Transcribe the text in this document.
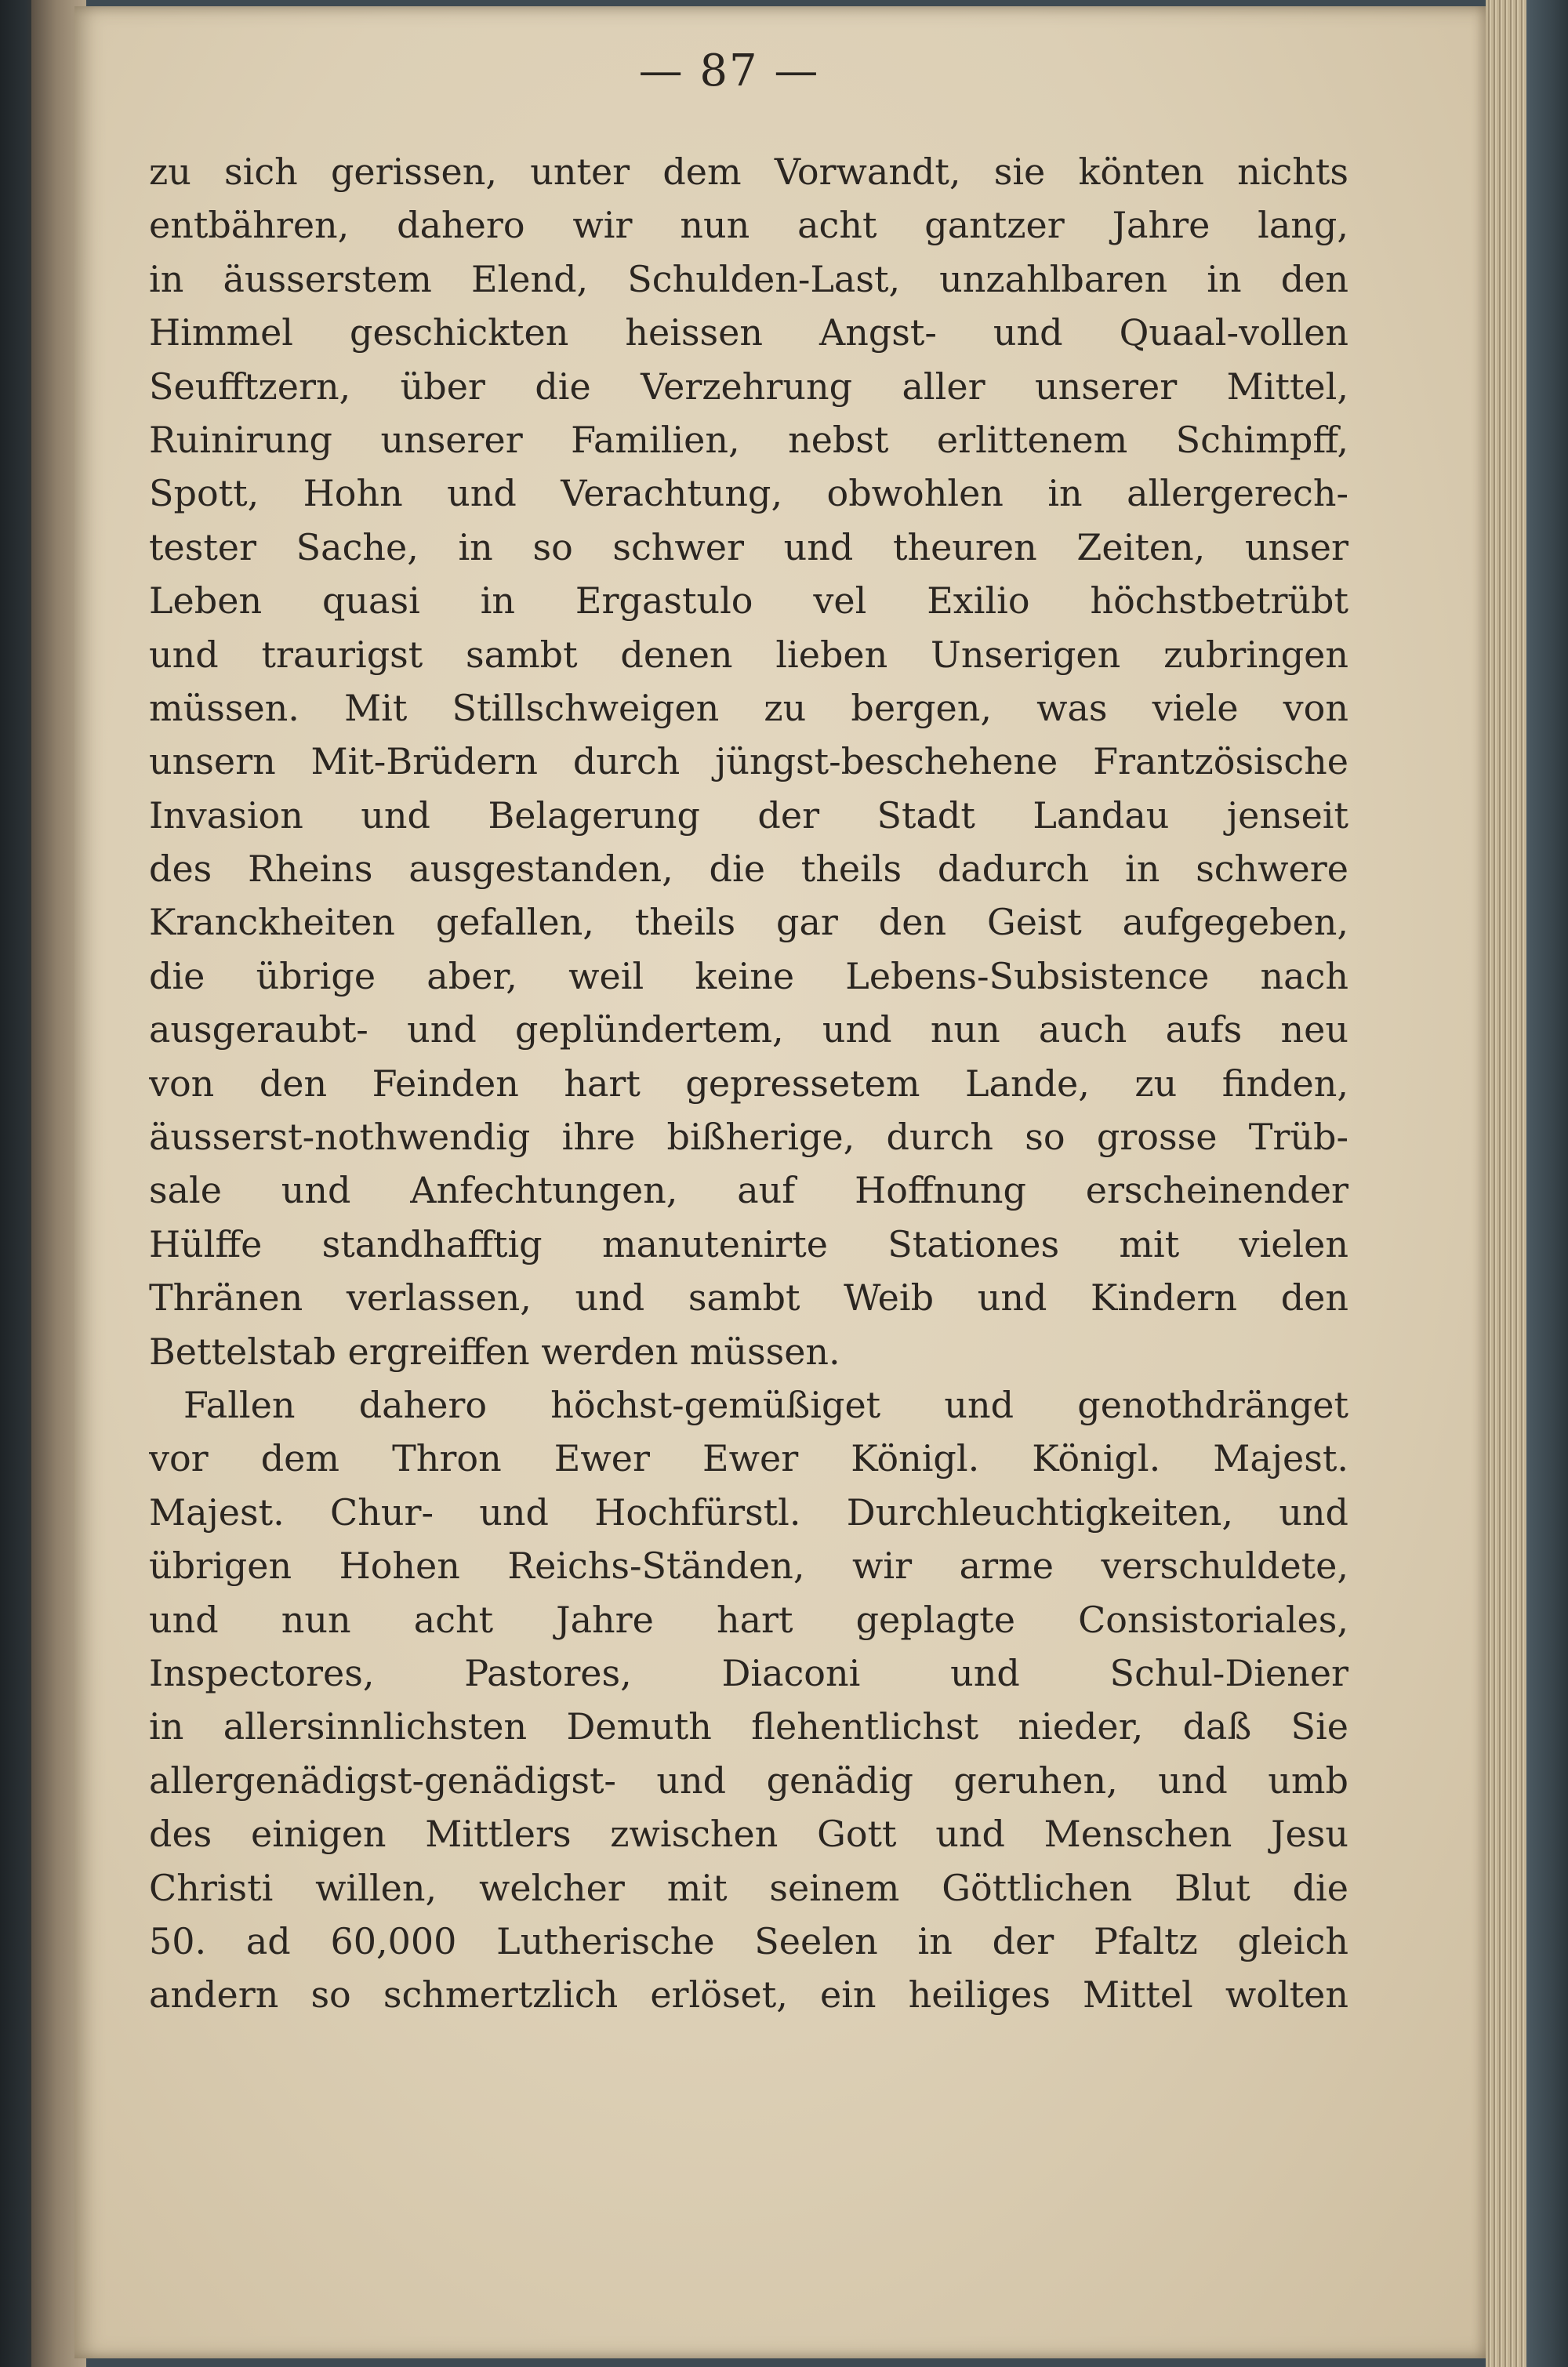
— 87 —
zu sich gerissen, unter dem Vorwandt, sie könten nichts
entbähren, dahero wir nun acht gantzer Jahre lang,
in äusserstem Elend, Schulden-Last, unzahlbaren in den
Himmel geschickten heissen Angst- und Quaal-vollen
Seufftzern, über die Verzehrung aller unserer Mittel,
Ruinirung unserer Familien, nebst erlittenem Schimpff,
Spott, Hohn und Verachtung, obwohlen in allergerech-
tester Sache, in so schwer und theuren Zeiten, unser
Leben quasi in Ergastulo vel Exilio höchstbetrübt
und traurigst sambt denen lieben Unserigen zubringen
müssen. Mit Stillschweigen zu bergen, was viele von
unsern Mit-Brüdern durch jüngst-beschehene Frantzösische
Invasion und Belagerung der Stadt Landau jenseit
des Rheins ausgestanden, die theils dadurch in schwere
Kranckheiten gefallen, theils gar den Geist aufgegeben,
die übrige aber, weil keine Lebens-Subsistence nach
ausgeraubt- und geplündertem, und nun auch aufs neu
von den Feinden hart gepressetem Lande, zu finden,
äusserst-nothwendig ihre bißherige, durch so grosse Trüb-
sale und Anfechtungen, auf Hoffnung erscheinender
Hülffe standhafftig manutenirte Stationes mit vielen
Thränen verlassen, und sambt Weib und Kindern den
Bettelstab ergreiffen werden müssen.
Fallen dahero höchst-gemüßiget und genothdränget
vor dem Thron Ewer Ewer Königl. Königl. Majest.
Majest. Chur- und Hochfürstl. Durchleuchtigkeiten, und
übrigen Hohen Reichs-Ständen, wir arme verschuldete,
und nun acht Jahre hart geplagte Consistoriales,
Inspectores, Pastores, Diaconi und Schul-Diener
in allersinnlichsten Demuth flehentlichst nieder, daß Sie
allergenädigst-genädigst- und genädig geruhen, und umb
des einigen Mittlers zwischen Gott und Menschen Jesu
Christi willen, welcher mit seinem Göttlichen Blut die
50. ad 60,000 Lutherische Seelen in der Pfaltz gleich
andern so schmertzlich erlöset, ein heiliges Mittel wolten
